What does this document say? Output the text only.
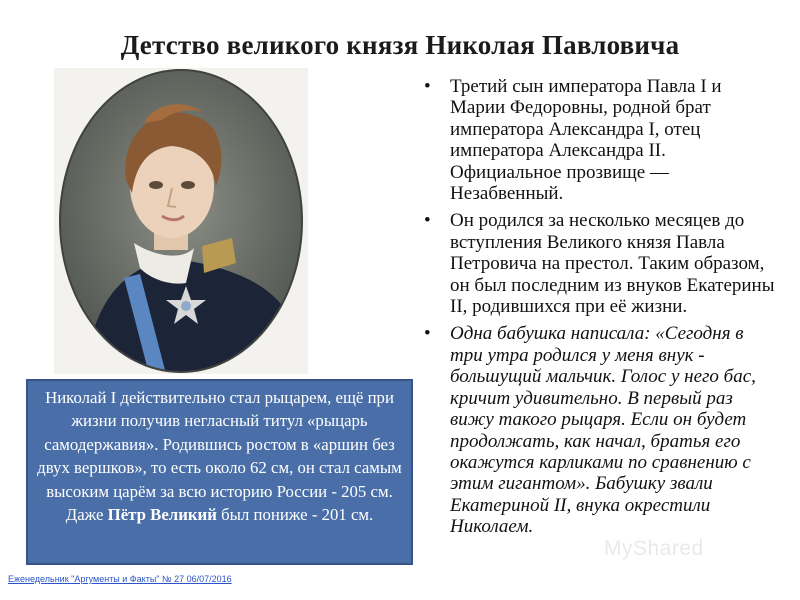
Детство великого князя Николая Павловича
• Третий сын императора Павла I и Марии Федоровны, родной брат императора Александра I, отец императора Александра II. Официальное прозвище — Незабвенный.
• Он родился за несколько месяцев до вступления Великого князя Павла Петровича на престол. Таким образом, он был последним из внуков Екатерины II, родившихся при её жизни.
• Одна бабушка написала: «Сегодня в три утра родился у меня внук - большущий мальчик. Голос у него бас, кричит удивительно. В первый раз вижу такого рыцаря. Если он будет продолжать, как начал, братья его окажутся карликами по сравнению с этим гигантом». Бабушку звали Екатериной II, внука окрестили Николаем.
Николай I действительно стал рыцарем, ещё при жизни получив негласный титул «рыцарь самодержавия». Родившись ростом в «аршин без двух вершков», то есть около 62 см, он стал самым высоким царём за всю историю России - 205 см. Даже Пётр Великий был пониже - 201 см.
MyShared
Еженедельник "Аргументы и Факты" № 27 06/07/2016
